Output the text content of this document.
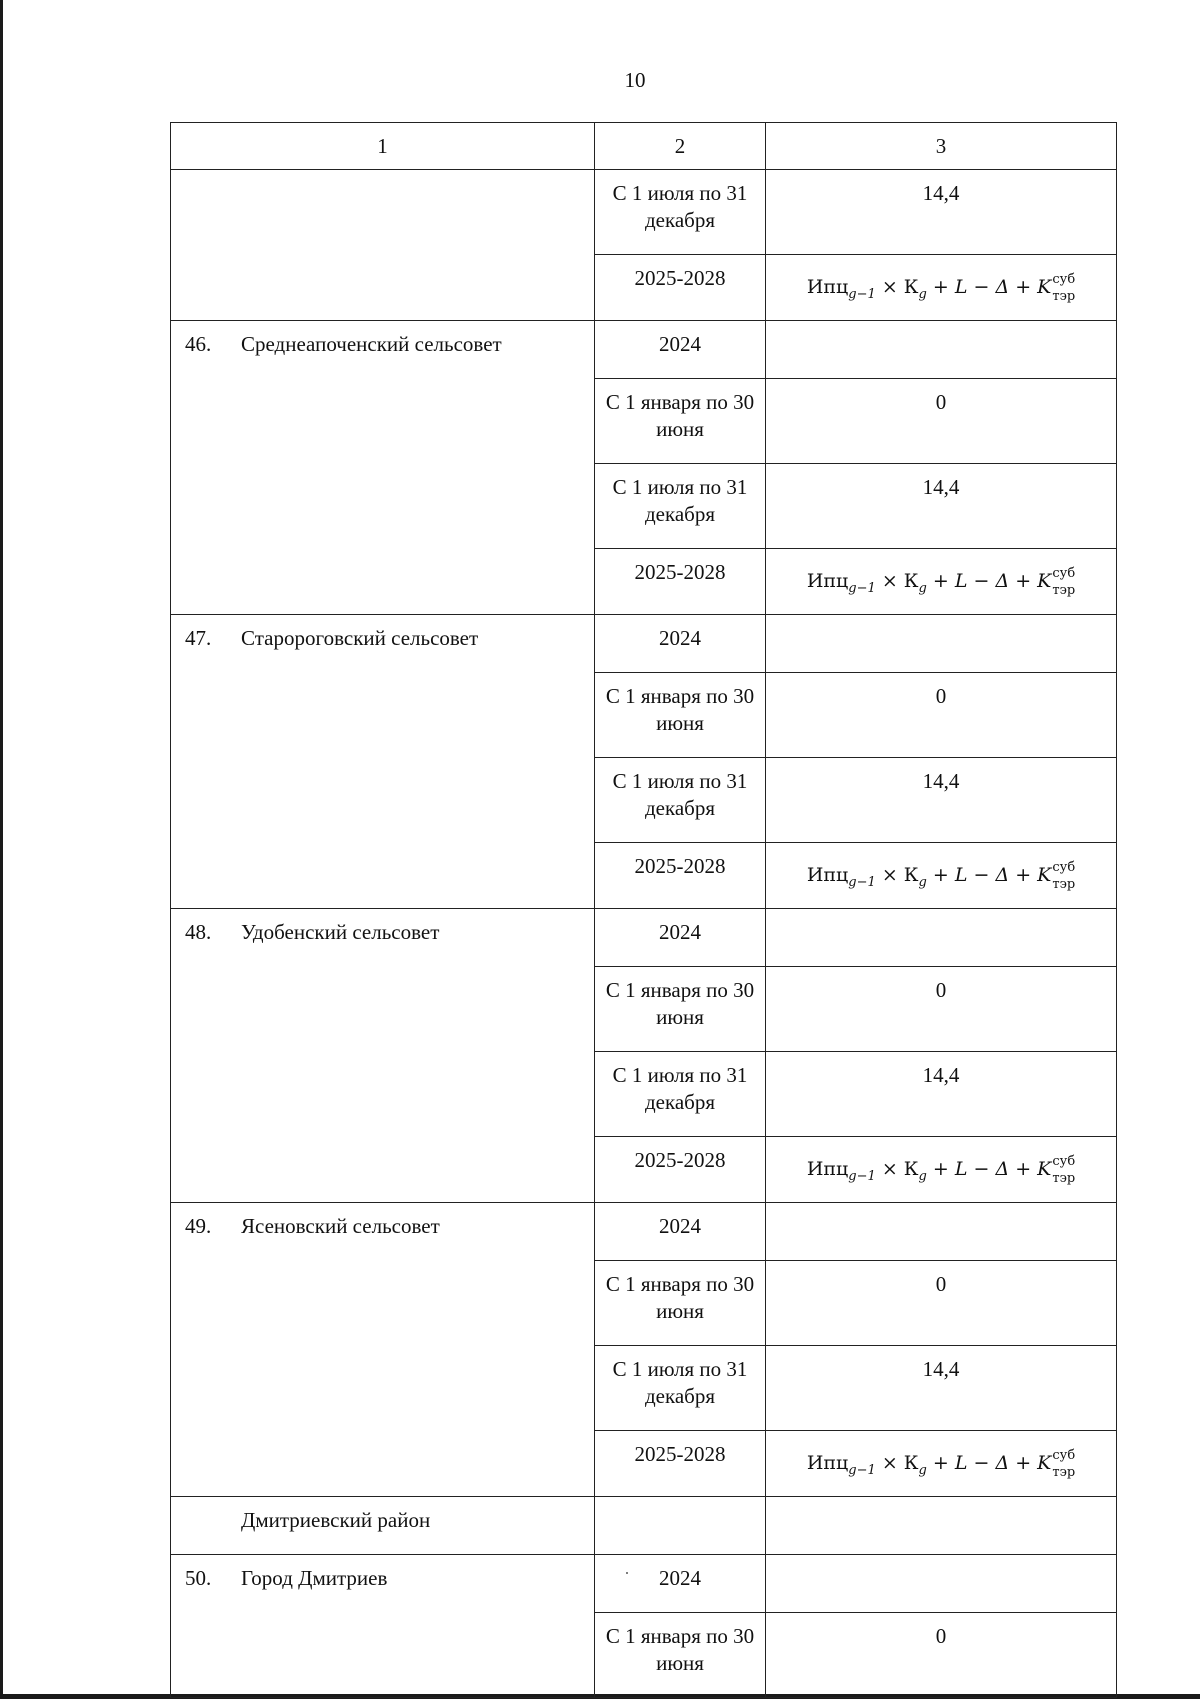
10
1	2	3
	С 1 июля по 31 декабря	14,4
	2025-2028	$Ипц_{g-1} \times К_g + L - \Delta + K$ суб
тэр

46. Среднеапоченский сельсовет	2024	
	С 1 января по 30 июня	0
	С 1 июля по 31 декабря	14,4
	2025-2028	$Ипц_{g-1} \times К_g + L - \Delta + K$ суб
тэр

47. Старороговский сельсовет	2024	
	С 1 января по 30 июня	0
	С 1 июля по 31 декабря	14,4
	2025-2028	$Ипц_{g-1} \times К_g + L - \Delta + K$ суб
тэр

48. Удобенский сельсовет	2024	
	С 1 января по 30 июня	0
	С 1 июля по 31 декабря	14,4
	2025-2028	$Ипц_{g-1} \times К_g + L - \Delta + K$ суб
тэр

49. Ясеновский сельсовет	2024	
	С 1 января по 30 июня	0
	С 1 июля по 31 декабря	14,4
	2025-2028	$Ипц_{g-1} \times К_g + L - \Delta + K$ суб
тэр

Дмитриевский район		
50. Город Дмитриев	2024	
	С 1 января по 30 июня	0
